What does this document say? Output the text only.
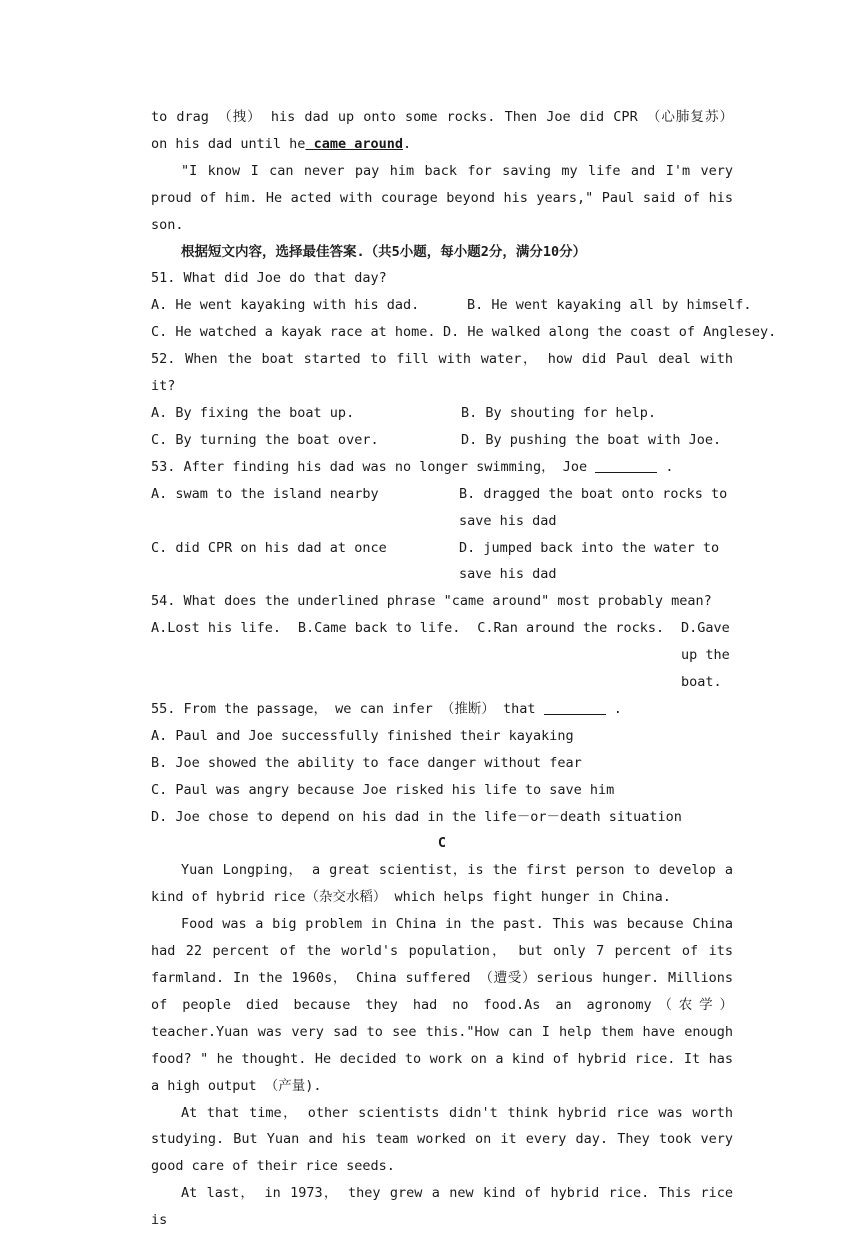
to drag （拽） his dad up onto some rocks. Then Joe did CPR （心肺复苏） on his dad until he came around.

"I know I can never pay him back for saving my life and I'm very proud of him. He acted with courage beyond his years," Paul said of his son.

根据短文内容，选择最佳答案.（共5小题，每小题2分，满分10分）

51. What did Joe do that day?

A. He went kayaking with his dad.	B. He went kayaking all by himself.
C. He watched a kayak race at home. D. He walked along the coast of Anglesey.

52. When the boat started to fill with water， how did Paul deal with it?

A. By fixing the boat up.	B. By shouting for help.
C. By turning the boat over.	D. By pushing the boat with Joe.

53. After finding his dad was no longer swimming， Joe	.

A. swam to the island nearby	B. dragged the boat onto rocks to save his dad
C. did CPR on his dad at once	D. jumped back into the water to save his dad

54. What does the underlined phrase "came around" most probably mean?

A.Lost his life. B.Came back to life. C.Ran around the rocks. D.Gave up the boat.

55. From the passage， we can infer （推断） that	.

A. Paul and Joe successfully finished their kayaking

B. Joe showed the ability to face danger without fear

C. Paul was angry because Joe risked his life to save him

D. Joe chose to depend on his dad in the life－or－death situation

C

Yuan Longping， a great scientist，is the first person to develop a kind of hybrid rice（杂交水稻） which helps fight hunger in China.

Food was a big problem in China in the past. This was because China had 22 percent of the world's population， but only 7 percent of its farmland. In the 1960s， China suffered （遭受）serious hunger. Millions of people died because they had no food.As an agronomy（农学）teacher.Yuan was very sad to see this."How can I help them have enough food? " he thought. He decided to work on a kind of hybrid rice. It has a high output （产量).

At that time， other scientists didn't think hybrid rice was worth studying. But Yuan and his team worked on it every day. They took very good care of their rice seeds.

At last， in 1973， they grew a new kind of hybrid rice. This rice is
